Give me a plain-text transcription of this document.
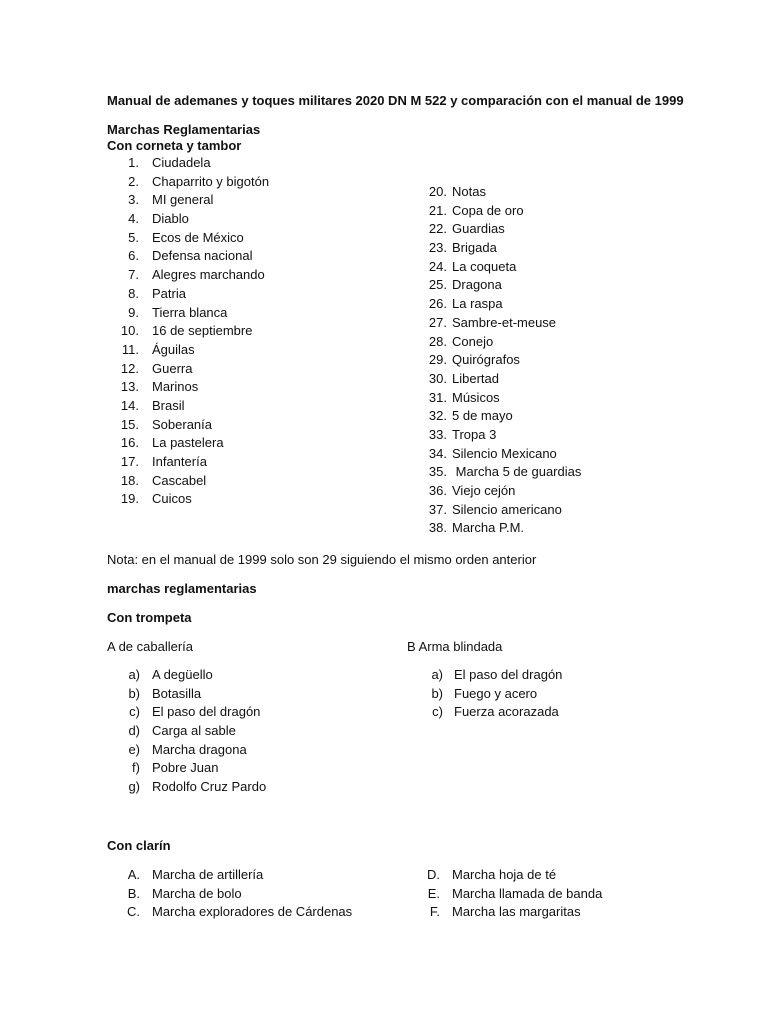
Manual de ademanes y toques militares 2020 DN M 522 y comparación con el manual de 1999
Marchas Reglamentarias
Con corneta y tambor
1. Ciudadela
2. Chaparrito y bigotón
3. MI general
4. Diablo
5. Ecos de México
6. Defensa nacional
7. Alegres marchando
8. Patria
9. Tierra blanca
10. 16 de septiembre
11. Águilas
12. Guerra
13. Marinos
14. Brasil
15. Soberanía
16. La pastelera
17. Infantería
18. Cascabel
19. Cuicos
20. Notas
21. Copa de oro
22. Guardias
23. Brigada
24. La coqueta
25. Dragona
26. La raspa
27. Sambre-et-meuse
28. Conejo
29. Quirógrafos
30. Libertad
31. Músicos
32. 5 de mayo
33. Tropa 3
34. Silencio Mexicano
35. Marcha 5 de guardias
36. Viejo cejón
37. Silencio americano
38. Marcha P.M.
Nota: en el manual de 1999 solo son 29 siguiendo el mismo orden anterior
marchas reglamentarias
Con trompeta
A de caballería	B Arma blindada
a) A degüello
b) Botasilla
c) El paso del dragón
d) Carga al sable
e) Marcha dragona
f) Pobre Juan
g) Rodolfo Cruz Pardo
a) El paso del dragón
b) Fuego y acero
c) Fuerza acorazada
Con clarín
A. Marcha de artillería
B. Marcha de bolo
C. Marcha exploradores de Cárdenas
D. Marcha hoja de té
E. Marcha llamada de banda
F. Marcha las margaritas
